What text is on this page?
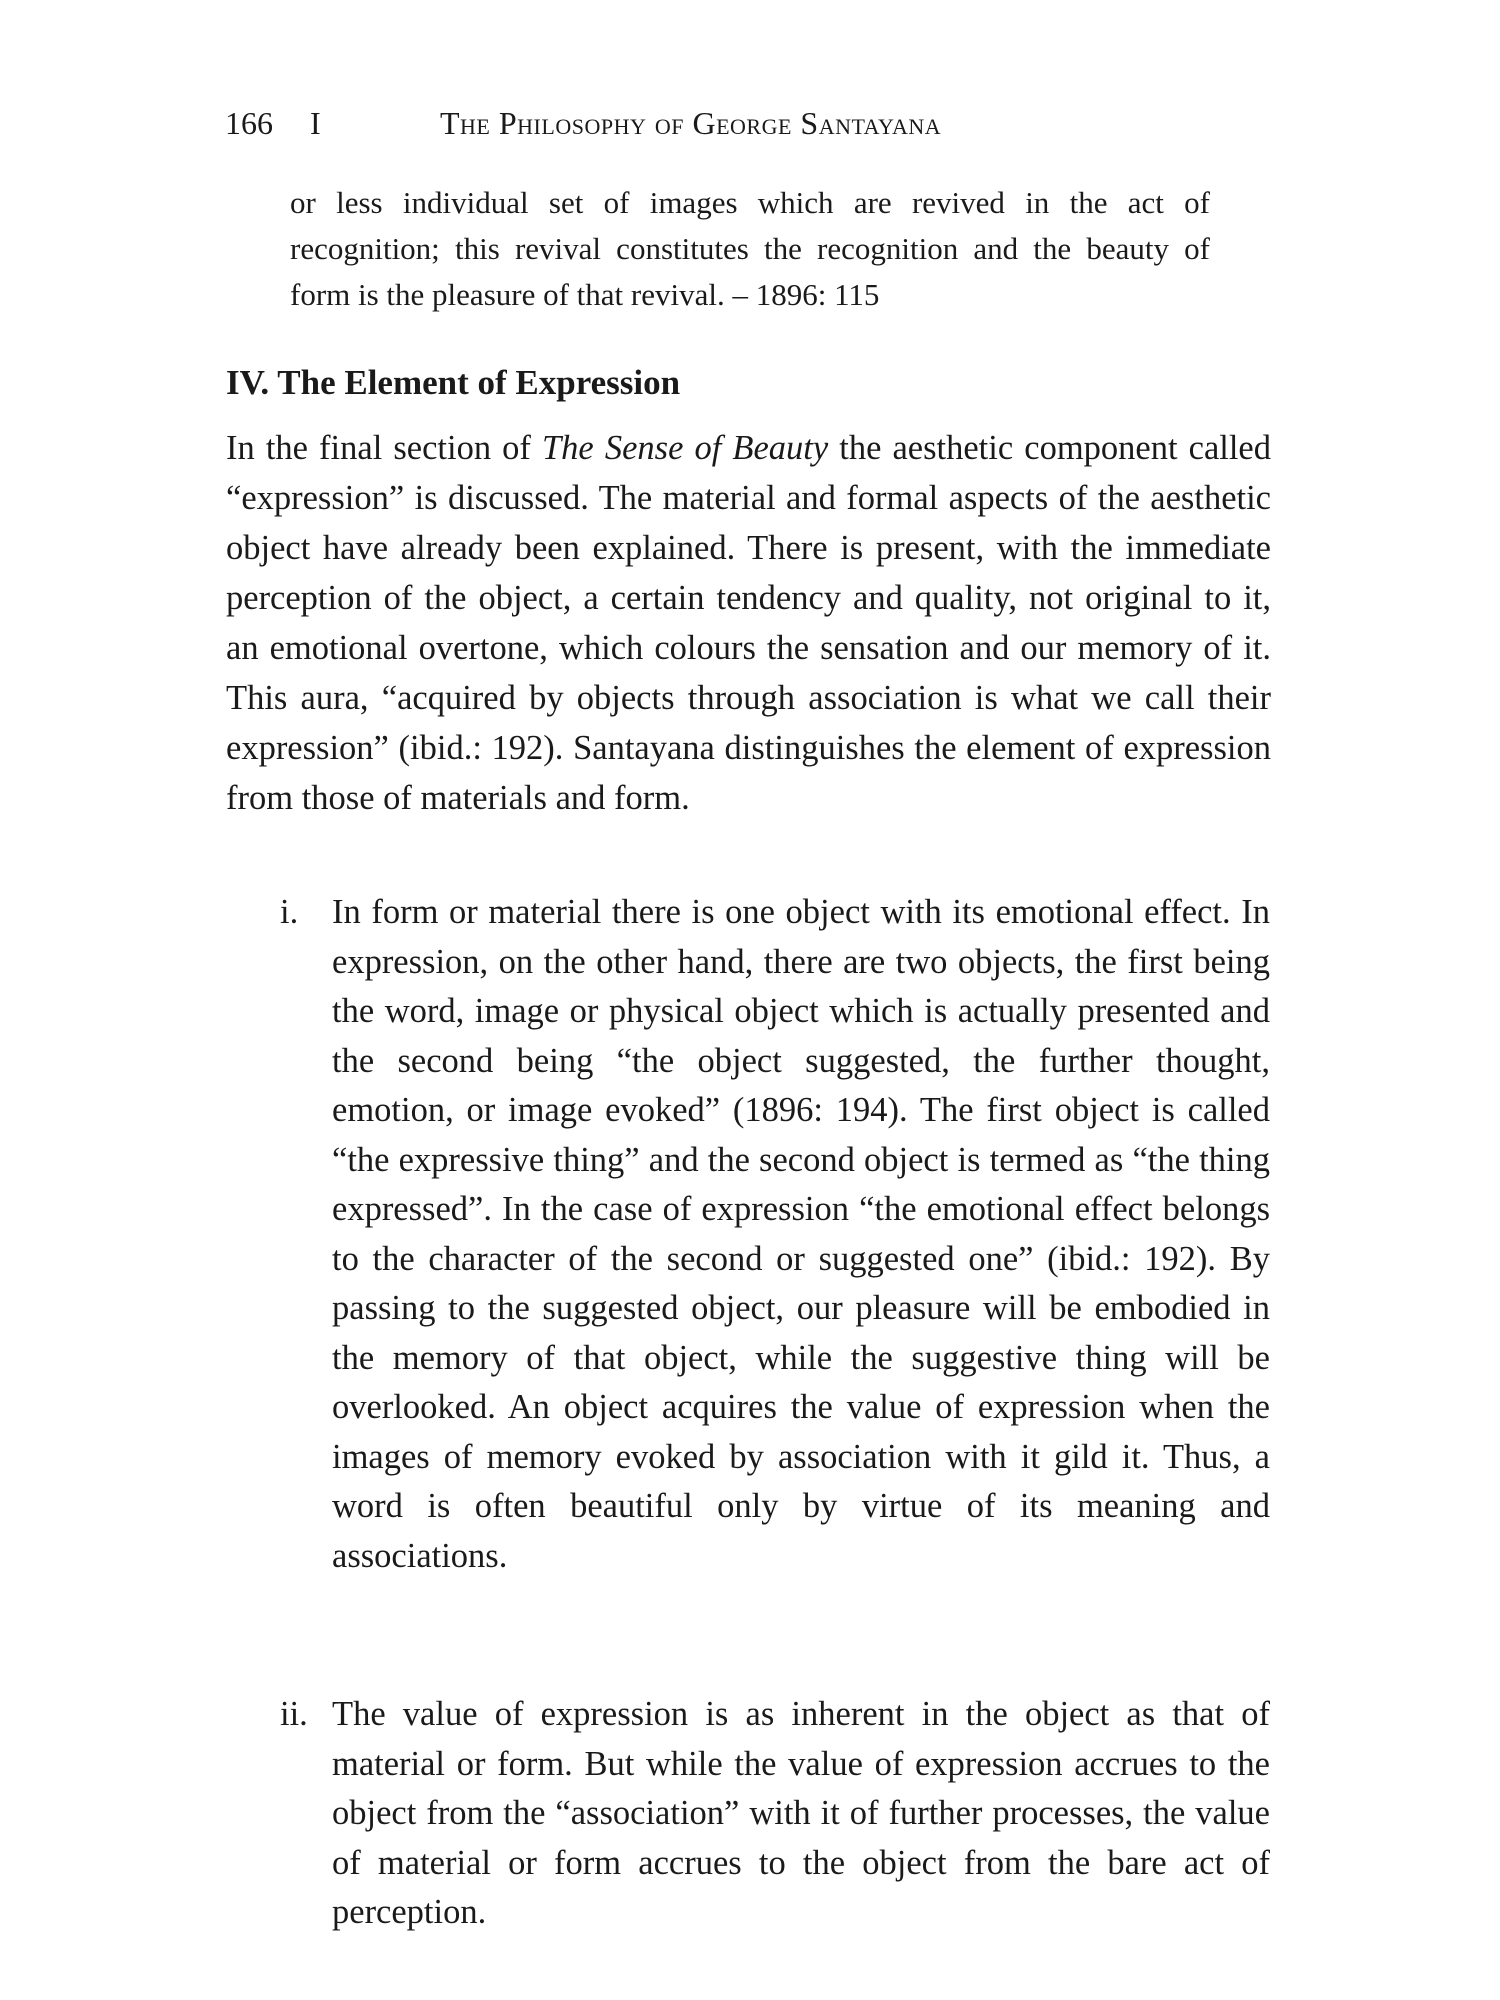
166 I	The Philosophy of George Santayana
or less individual set of images which are revived in the act of recognition; this revival constitutes the recognition and the beauty of form is the pleasure of that revival. – 1896: 115
IV. The Element of Expression

In the final section of The Sense of Beauty the aesthetic component called “expression” is discussed. The material and formal aspects of the aesthetic object have already been explained. There is present, with the immediate perception of the object, a certain tendency and quality, not original to it, an emotional overtone, which colours the sensation and our memory of it. This aura, “acquired by objects through association is what we call their expression” (ibid.: 192). Santayana distinguishes the element of expression from those of materials and form.

i. In form or material there is one object with its emotional effect. In expression, on the other hand, there are two objects, the first being the word, image or physical object which is actually presented and the second being “the object suggested, the further thought, emotion, or image evoked” (1896: 194). The first object is called “the expressive thing” and the second object is termed as “the thing expressed”. In the case of expression “the emotional effect belongs to the character of the second or suggested one” (ibid.: 192). By passing to the suggested object, our pleasure will be embodied in the memory of that object, while the suggestive thing will be overlooked. An object acquires the value of expression when the images of memory evoked by association with it gild it. Thus, a word is often beautiful only by virtue of its meaning and associations.
ii. The value of expression is as inherent in the object as that of material or form. But while the value of expression accrues to the object from the “association” with it of further processes, the value of material or form accrues to the object from the bare act of perception.
